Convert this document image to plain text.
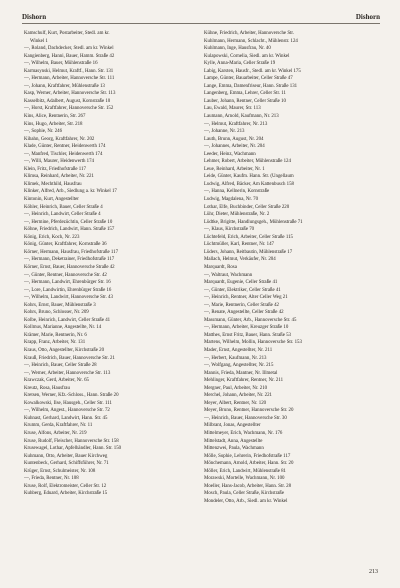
Dishorn	Dishorn
Kamschulf, Kurt, Postarbeiter, Stedl. am kr.
Winkel 1
—, Roland, Dachdecker, Stedl. am kr. Winkel
Kangienberg, Hanni, Bauer, Hamm. Straße 42
—, Wilhelm, Bauer, Mühlenstraße 16
Karmasynski, Helmut, Kraftf., Hann. Str. 131
—, Hermann, Arbeiter, Hannoversche Str. 111
—, Johann, Kraftfahrer, Mühlenstraße 13
Kasp, Werner, Arbeiter, Hannoversche Str. 113
Kasselbitz, Adalbert, August, Kornstraße 10
—, Horst, Kraftfahrer, Hannoversche Str. 152
Kins, Alice, Rentnerin, Str. 267
Kins, Hugo, Arbeiter, Str. 218
—, Sophie, Nr. 246
Kibahn, Georg, Kraftfahrer, Nr. 202
Klade, Günter, Rentner, Heidenwerth 174
—, Manfred, Tischler, Heidenwerth 174
—, Willi, Maurer, Heidenwerth 174
Klein, Fritz, Friedhofstraße 117
Klimsa, Reinhard, Arbeiter, Nr. 221
Klimek, Mechthild, Hausfrau
Klinker, Alfred, Arb., Siedlung a. kr. Winkel 17
Kintonin, Kurt, Angestellter
Köhler, Heinrich, Bauer, Celler Straße 4
—, Heinrich, Landwirt, Celler Straße 4
—, Hermine, Pferdezüchtin, Celler Straße 10
Köhne, Friedrich, Landwirt, Hann. Straße 157
König, Erich, Koch, Nr. 223
König, Günter, Kraftfahrer, Kornstraße 36
Körner, Hermann, Hausfrau, Friedhofstraße 117
—, Hermann, Deketrainer, Friedhofstraße 117
Körner, Ernst, Bauer, Hannoversche Straße 42
—, Günter, Rentner, Hannoversche Str. 42
—, Hermann, Landwirt, Ehrenbürger Str. 16
—, Lore, Landwirtin, Ehrenbürger Straße 16
—, Wilhelm, Landwirt, Hannoversche Str. 43
Kohrs, Ernst, Bauer, Mühlenstraße 3
Kohrs, Bruno, Schlosser, Nr. 209
Kolbe, Heinrich, Landwirt, Celler Straße 41
Kollmus, Marianne, Angestellte, Nr. 14
Krämer, Marie, Rentnerin, Nr. 6
Krapp, Franz, Arbeiter, Nr. 131
Kraus, Otto, Angestellter, Kirchstraße 20
Krauß, Friedrich, Bauer, Hannoversche Str. 21
—, Heinrich, Bauer, Celler Straße 28
—, Werner, Arbeiter, Hannoversche Str. 113
Krawczak, Gerd, Arbeiter, Nr. 65
Kreutz, Rosa, Hausfrau
Kretsen, Werner, Kfz.-Schloss., Hann. Straße 20
Kowalkowski, Ilse, Hausgeh., Celler Str. 111
—, Wilhelm, Angest., Hannoversche Str. 72
Kuhnast, Gerhard, Landwirt, Hann. Str. 45
Krumm, Gerda, Kraftfahrer, Nr. 11
Kruse, Alfons, Arbeiter, Nr. 219
Kruse, Rudolf, Fleischer, Hannoversche Str. 158
Krusewagel, Lothar, Apfelhändler, Hann. Str. 150
Kuhmann, Otto, Arbeiter, Bauer Kirchweg
Kuntenbeck, Gerhard, Schiffsführer, Nr. 71
Krüger, Ernst, Schulmeister, Nr. 108
—, Frieda, Rentner, Nr. 108
Kruse, Rolf, Elektromeister, Celler Str. 12
Kuhberg, Eduard, Arbeiter, Kirchstraße 15
Kühne, Friedrich, Arbeiter, Hannoversche Str.
Kuhlmann, Hermann, Schlacht., Mühlenstr. 124
Kuhlmann, Inge, Hausfrau, Nr. 40
Kulapowski, Cornelia, Siedl. am kr. Winkel
Kylle, Anna-Maria, Celler Straße 19
Labig, Karsten, Hausfr., Stedl. am kr. Winkel 175
Lampe, Günter, Bauarbeiter, Celler Straße 47
Lange, Emma, Damenfriseur, Hann. Straße 131
Langenberg, Emma, Lehrer, Celler Str. 11
Lauber, Johann, Rentner, Celler Straße 10
Lau, Ewald, Maurer, Str. 113
Laumann, Arnold, Kaufmann, Nr. 213
—, Helmut, Kraftfahrer, Nr. 213
—, Johanne, Nr. 213
Lauth, Brunn, August, Nr. 204
—, Johannes, Arbeiter, Nr. 204
Leeder, Heinz, Wachmann
Lehmer, Robert, Arbeiter, Mühlenstraße 124
Leue, Reinhard, Arbeiter, Nr. 1
Leide, Günter, Kaufm. Hann. Str. (Ungellaum
Ludwig, Alfred, Bäcker, Am Kattenbusch 158
—, Hanna, Kellnerin, Kornstraße
Ludwig, Magdalena, Nr. 70
Lothar, Elfe, Buchbinder, Celler Straße 220
Lühr, Dieter, Mühlenstraße, Nr. 2
Lüdtke, Brigitte, Handlungsgeh., Mühlenstraße 71
—, Klaus, Kirchstraße 70
Lüchtefeld, Erich, Arbeiter, Celler Straße 115
Lüchtmüller, Karl, Rentner, Nr. 147
Lüders, Johann, Reitbautin, Mühlenstraße 17
Mallach, Helmut, Verkäufer, Nr. 204
Marquardt, Rosa
—, Waltraut, Wachmann
Marquardt, Eugenie, Celler Straße 41
—, Günter, Elektriker, Celler Straße 41
—, Heinrich, Rentner, Alter Celler Weg 21
—, Marie, Rentnerin, Celler Straße 42
—, Renate, Angestellte, Celler Straße 42
Massmann, Günter, Arb., Hannoversche Str. 45
—, Hermann, Arbeiter, Kreuzger Straße 10
Matthes, Ernst Fritz, Bauer, Hann. Straße 53
Martens, Wilhelm, Mollin, Hannoversche Str. 153
Mader, Ernst, Angestellter, Nr. 211
—, Herbert, Kaufmann, Nr. 213
—, Wolfgang, Angestellter, Nr. 215
Mannis, Frieda, Mantner, Nr. Illmetal
Mehlinger, Kraftfahrer, Rentner, Nr. 211
Mergner, Paul, Arbeiter, Nr. 210
Merchel, Johann, Arbeiter, Nr. 221
Meyer, Albert, Rentner, Nr. 120
Meyer, Bruno, Rentner, Hannoversche Str. 20
—, Heinrich, Bauer, Hannoversche Str. 30
Milbrant, Jonas, Angestellter
Mittelmeyer, Erich, Wachmann, Nr. 176
Mittelstadt, Anna, Angestellte
Mittenzwei, Paula, Wachmann
Mölle, Sophie, Lehrerin, Friedhofstraße 117
Mönchemann, Arnold, Arbeiter, Hann. Str. 20
Möller, Erich, Landwirt, Mühlenstraße 81
Morawski, Mortelle, Wachmann, Nr. 100
Moeller, Hans-Jacob, Arbeiter, Hann. Str. 28
Mosch, Paula, Celler Straße, Kirchstraße
Mondeler, Otto, Arb., Siedl. am kr. Winkel
213
